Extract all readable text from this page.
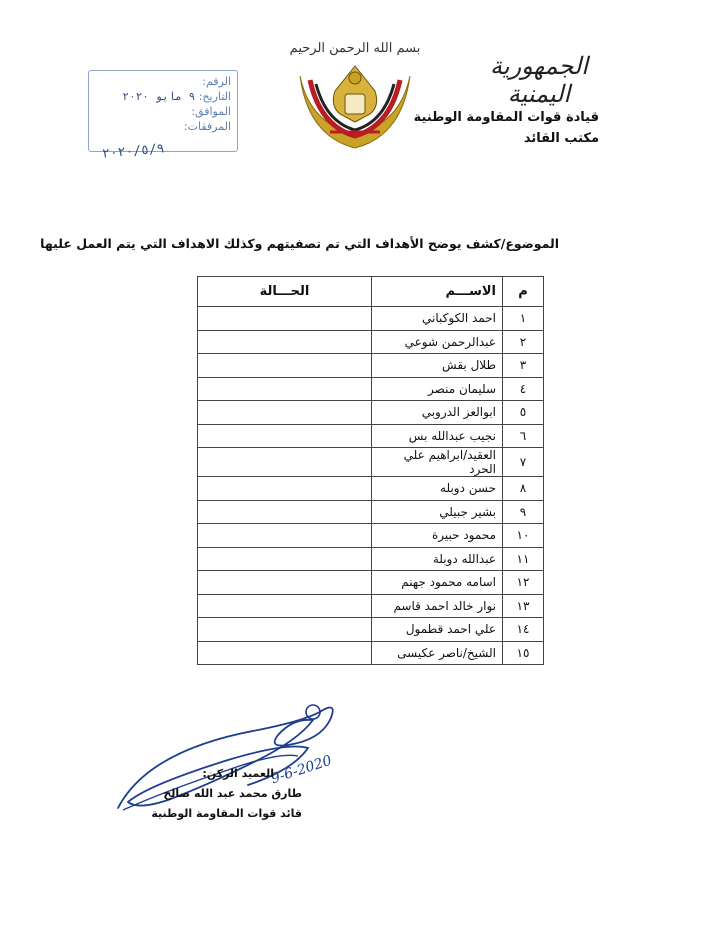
الجمهورية اليمنية
قيادة قوات المقاومة الوطنية
مكتب القائد
بسم الله الرحمن الرحيم
الرقم:
التاريخ: ٩ مايو ٢٠٢٠
الموافق:
المرفقات:
٢٠٢٠/٥/٩
الموضوع/كشف يوضح الأهداف التي تم تصفيتهم وكذلك الاهداف التي يتم العمل عليها
م	الاســـم	الحـــالة
١	احمد الكوكباني	
٢	عبدالرحمن شوعي	
٣	طلال بقش	
٤	سليمان منصر	
٥	ابوالعز الدروبي	
٦	نجيب عبدالله بس	
٧	العقيد/ابراهيم علي الحرد	
٨	حسن دوبله	
٩	بشير جبيلي	
١٠	محمود حبيرة	
١١	عبدالله دوبلة	
١٢	اسامه محمود جهنم	
١٣	نوار خالد احمد قاسم	
١٤	علي احمد قطمول	
١٥	الشيخ/ناصر عكيسى	
9-6-2020
العميد الركن:
طارق محمد عبد الله صالح
قائد قوات المقاومة الوطنية
